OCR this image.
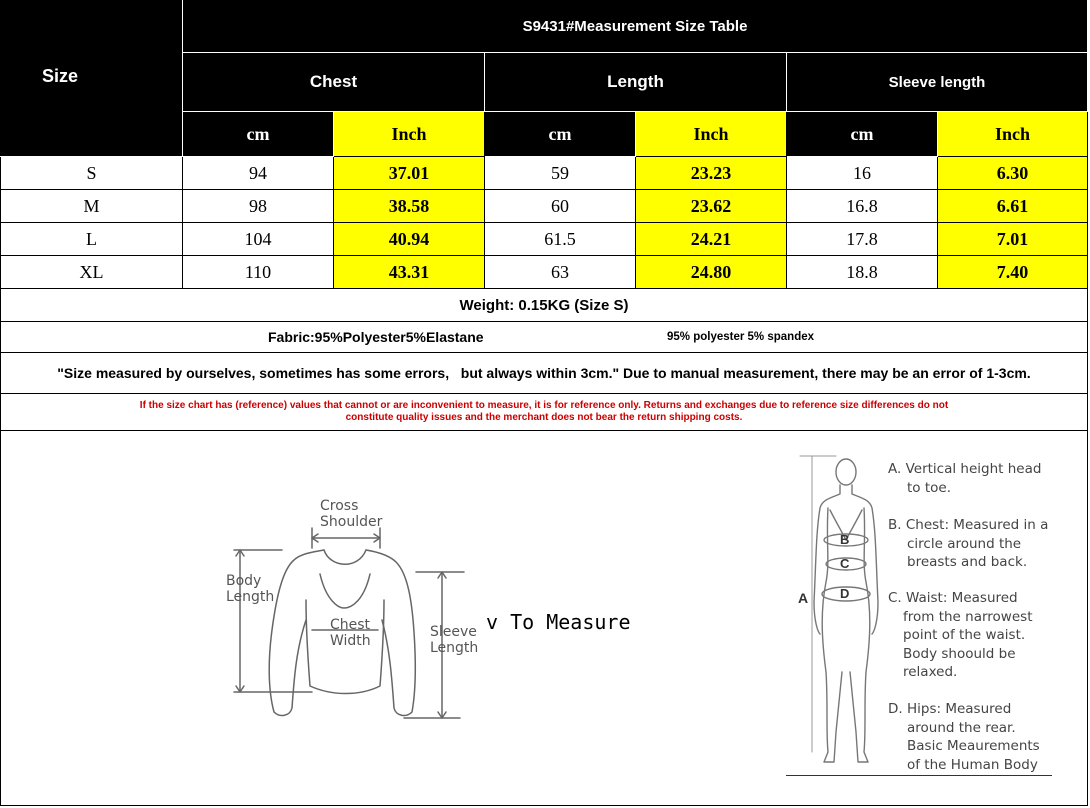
Size
S9431#Measurement Size Table
Chest	Length	Sleeve length
cm	Inch	cm	Inch	cm	Inch
S	94	37.01	59	23.23	16	6.30
M	98	38.58	60	23.62	16.8	6.61
L	104	40.94	61.5	24.21	17.8	7.01
XL	110	43.31	63	24.80	18.8	7.40
Weight: 0.15KG (Size S)
Fabric:95%Polyester5%Elastane	95% polyester 5% spandex
"Size measured by ourselves, sometimes has some errors,   but always within 3cm." Due to manual measurement, there may be an error of 1-3cm.
If the size chart has (reference) values that cannot or are inconvenient to measure, it is for reference only. Returns and exchanges due to reference size differences do not
constitute quality issues and the merchant does not bear the return shipping costs.
Cross
Shoulder
Body
Length
Chest
Width
Sleeve
Length
v To Measure
A
B
C
D
A. Vertical height head
to toe.
B. Chest: Measured in a
circle around the
breasts and back.
C. Waist: Measured
from the narrowest
point of the waist.
Body shoould be
relaxed.
D. Hips: Measured
around the rear.
Basic Meaurements
of the Human Body
